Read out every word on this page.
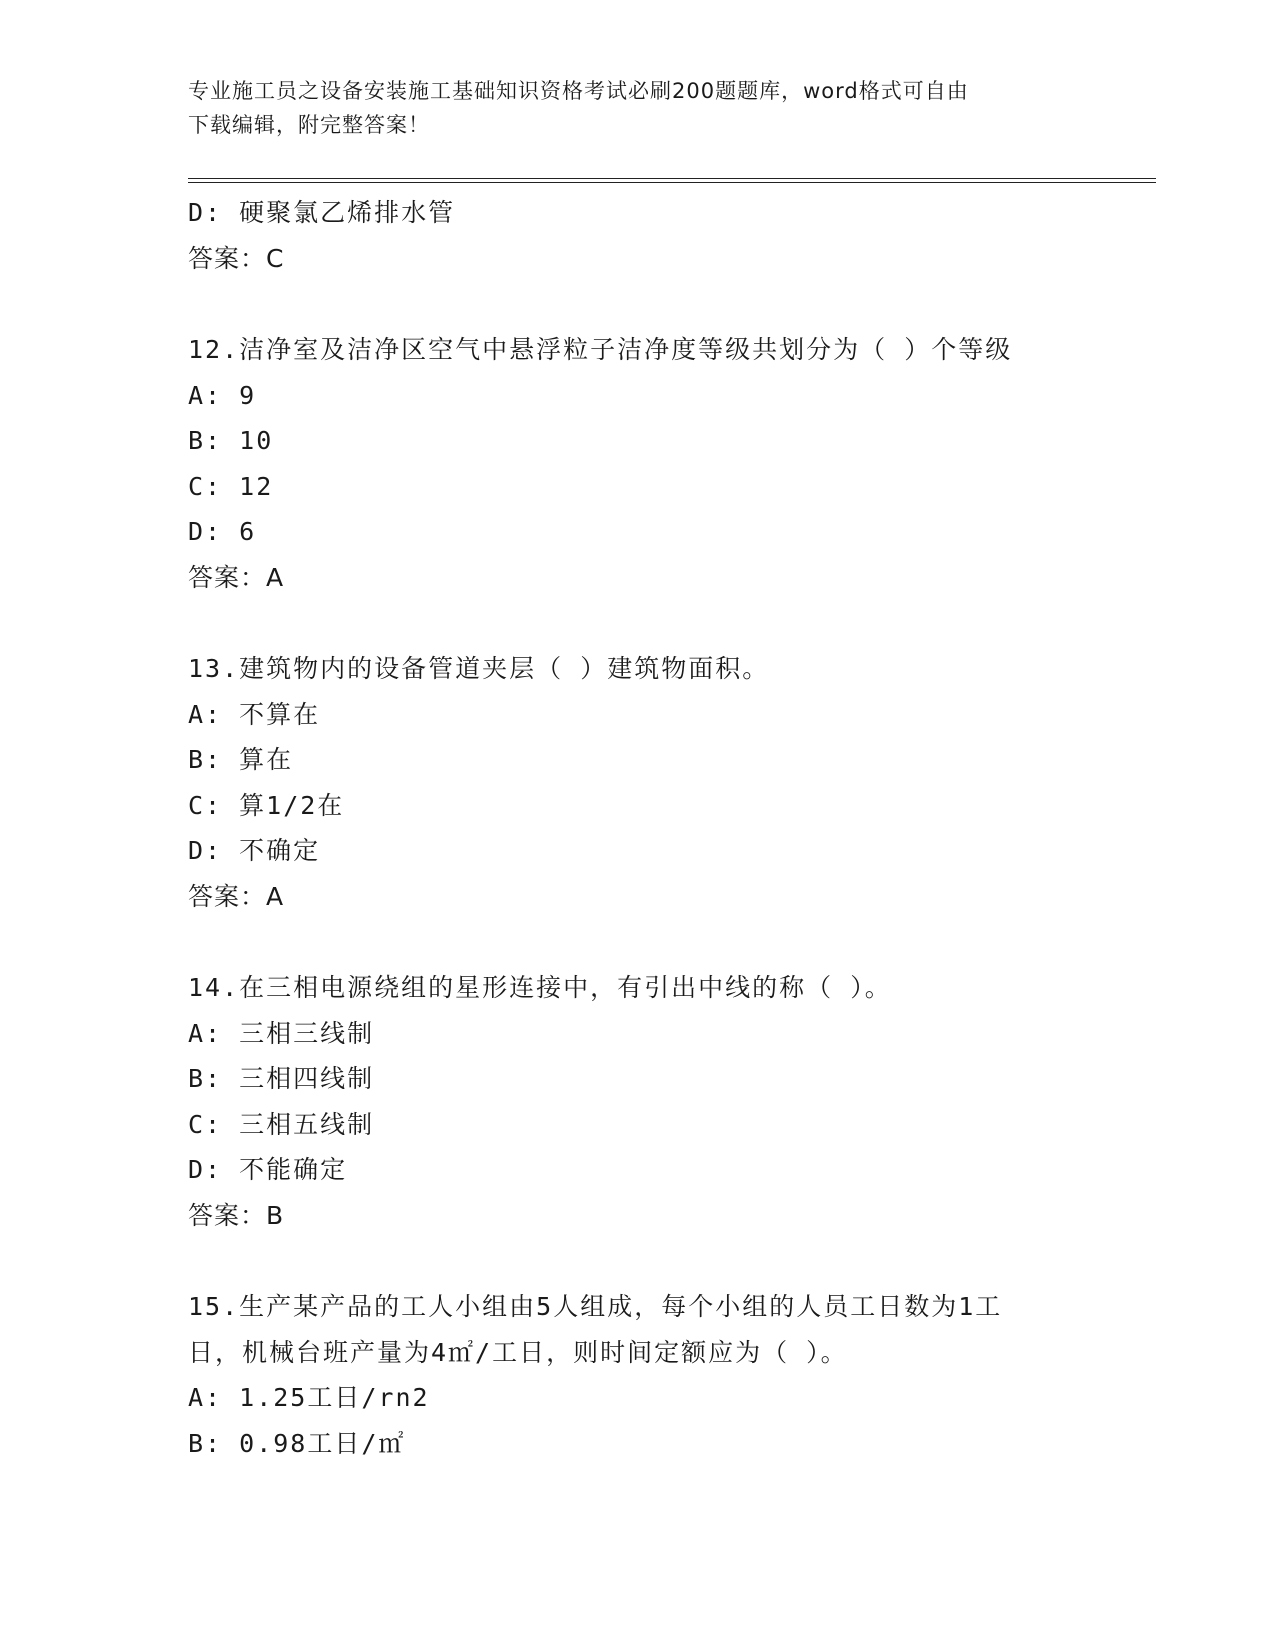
专业施工员之设备安装施工基础知识资格考试必刷200题题库，word格式可自由
下载编辑，附完整答案！
D: 硬聚氯乙烯排水管
答案：C
12.洁净室及洁净区空气中悬浮粒子洁净度等级共划分为（ ）个等级
A: 9
B: 10
C: 12
D: 6
答案：A
13.建筑物内的设备管道夹层（ ）建筑物面积。
A: 不算在
B: 算在
C: 算1/2在
D: 不确定
答案：A
14.在三相电源绕组的星形连接中，有引出中线的称（ ）。
A: 三相三线制
B: 三相四线制
C: 三相五线制
D: 不能确定
答案：B
15.生产某产品的工人小组由5人组成，每个小组的人员工日数为1工
日，机械台班产量为4㎡/工日，则时间定额应为（ ）。
A: 1.25工日/rn2
B: 0.98工日/㎡
